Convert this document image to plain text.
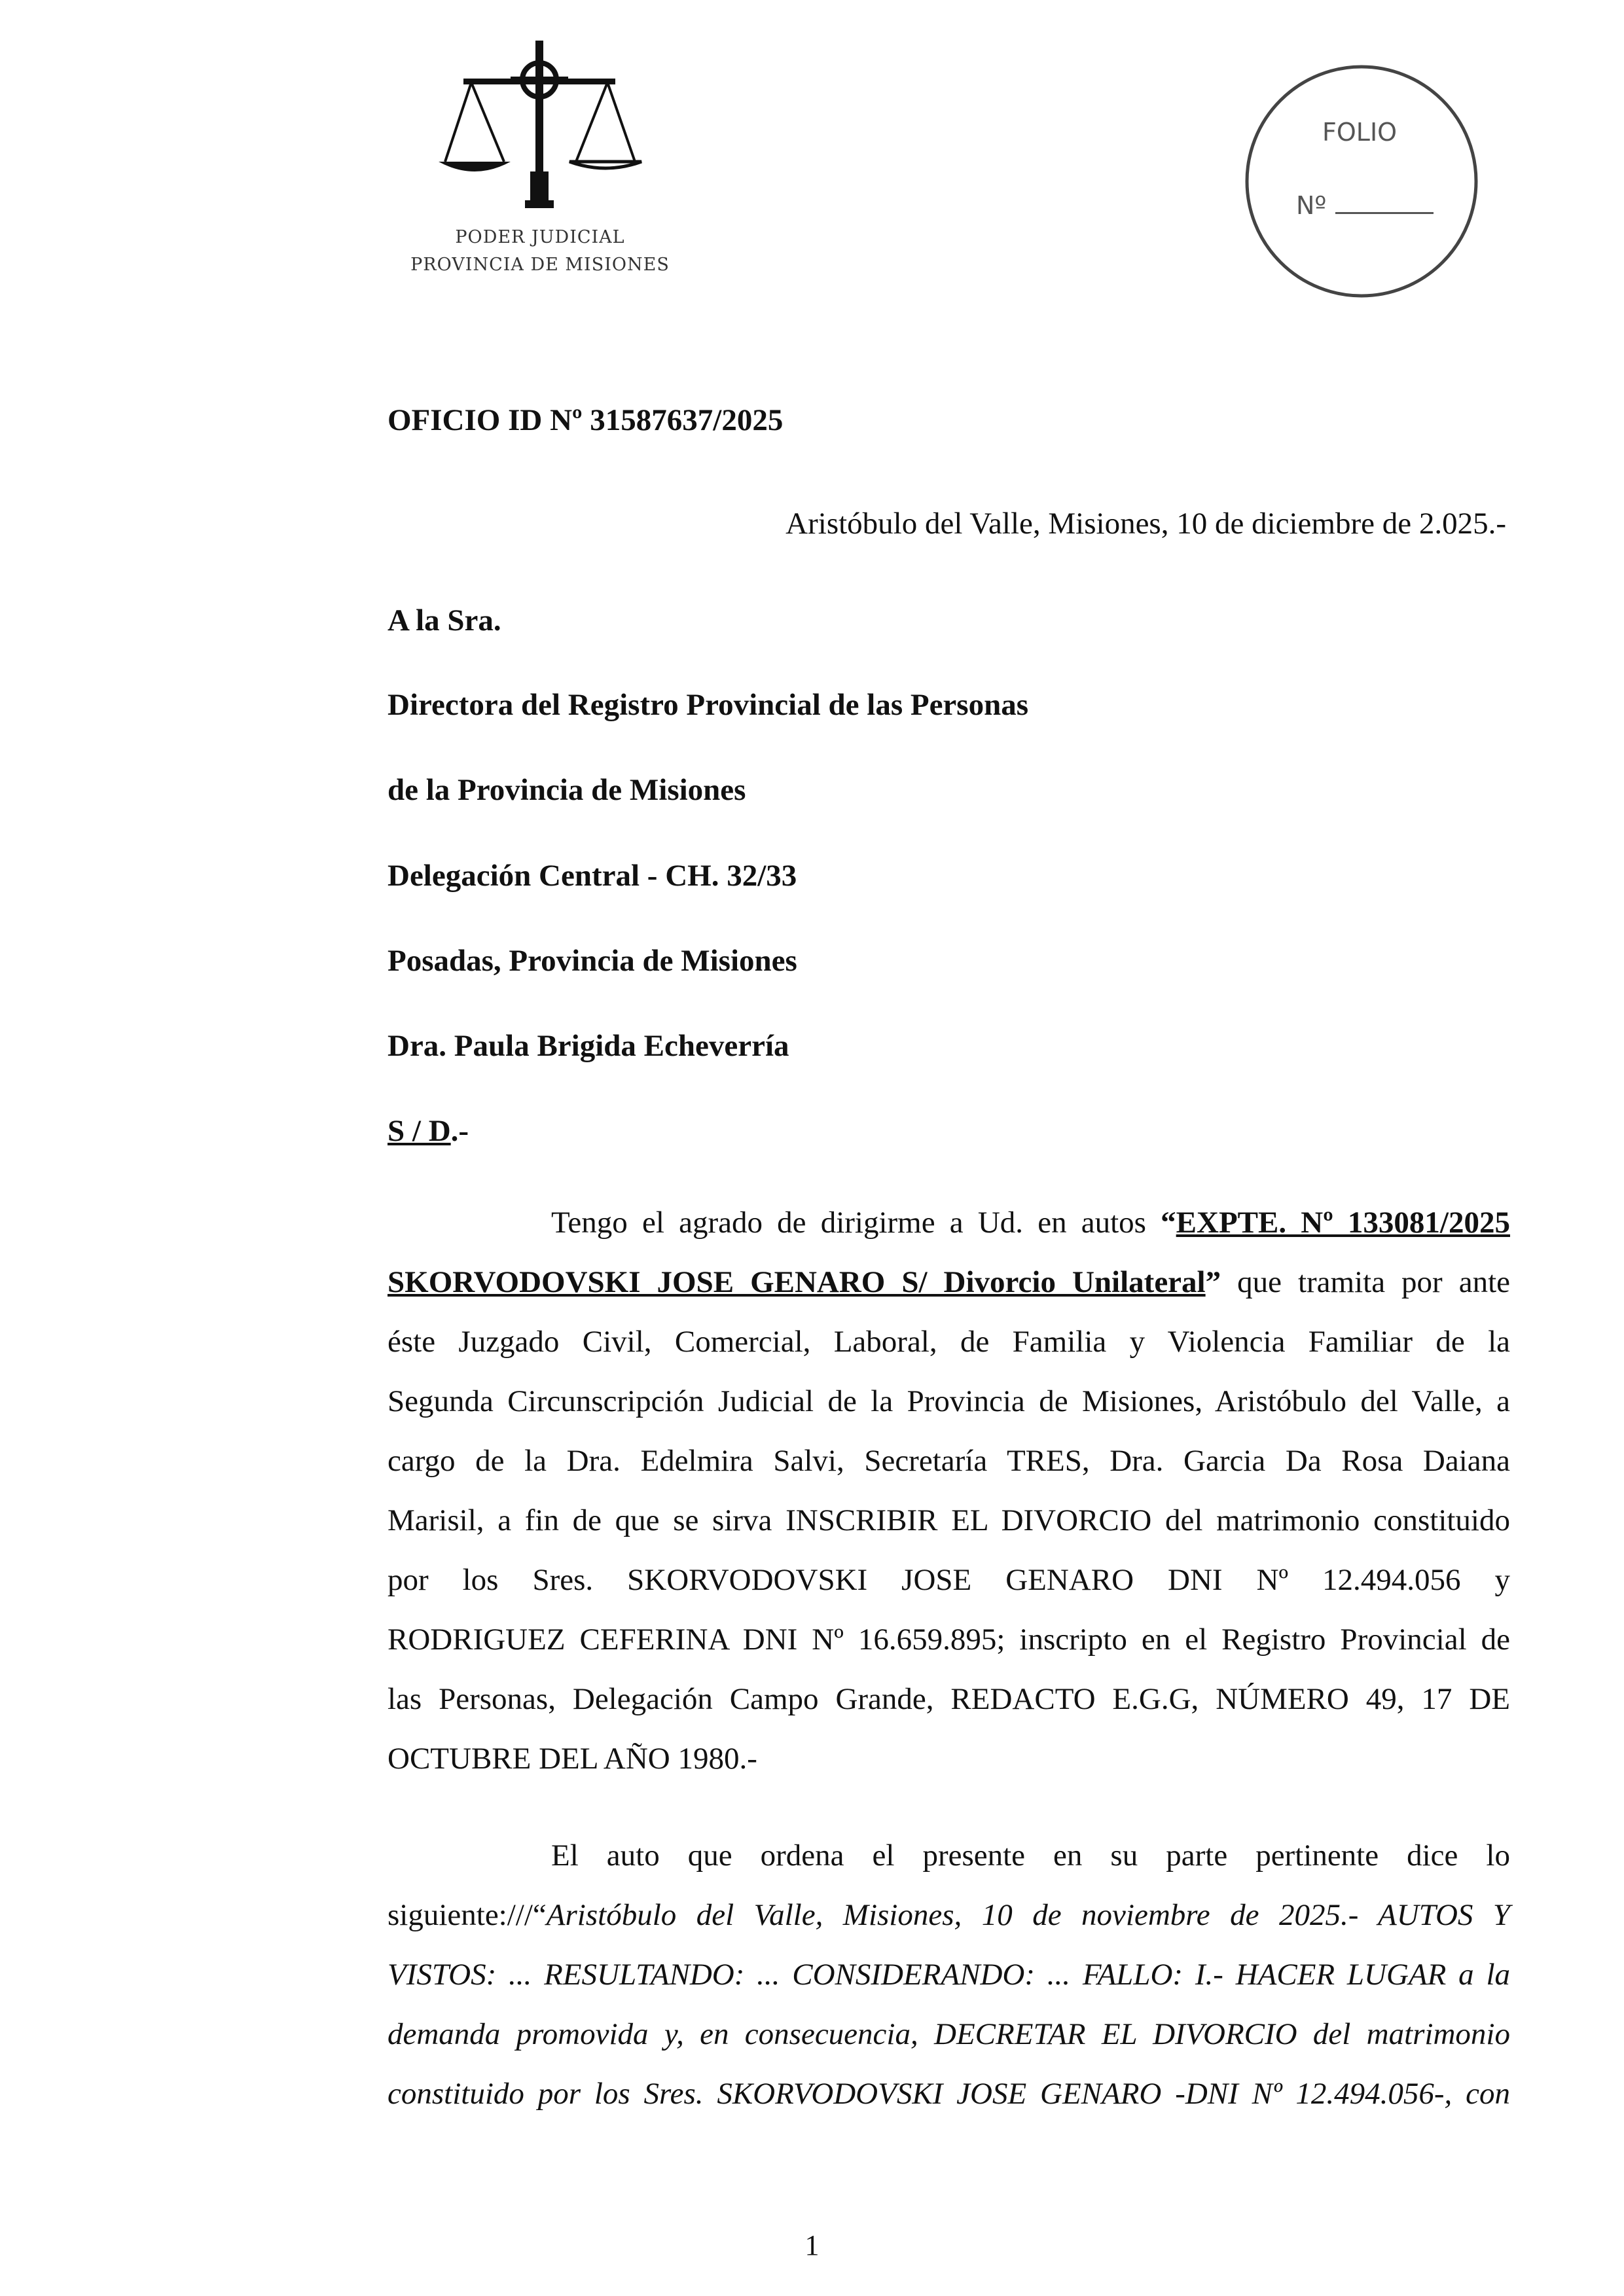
PODER JUDICIAL
PROVINCIA DE MISIONES
FOLIO
Nº
OFICIO ID Nº 31587637/2025
Aristóbulo del Valle, Misiones, 10 de diciembre de 2.025.-
A la Sra.
Directora del Registro Provincial de las Personas
de la Provincia de Misiones
Delegación Central - CH. 32/33
Posadas, Provincia de Misiones
Dra. Paula Brigida Echeverría
S / D.-
Tengo el agrado de dirigirme a Ud. en autos “EXPTE. Nº 133081/2025
SKORVODOVSKI JOSE GENARO S/ Divorcio Unilateral” que tramita por ante
éste Juzgado Civil, Comercial, Laboral, de Familia y Violencia Familiar de la
Segunda Circunscripción Judicial de la Provincia de Misiones, Aristóbulo del Valle, a
cargo de la Dra. Edelmira Salvi, Secretaría TRES, Dra. Garcia Da Rosa Daiana
Marisil, a fin de que se sirva INSCRIBIR EL DIVORCIO del matrimonio constituido
por los Sres. SKORVODOVSKI JOSE GENARO DNI Nº 12.494.056 y
RODRIGUEZ CEFERINA DNI Nº 16.659.895; inscripto en el Registro Provincial de
las Personas, Delegación Campo Grande, REDACTO E.G.G, NÚMERO 49, 17 DE
OCTUBRE DEL AÑO 1980.-
El auto que ordena el presente en su parte pertinente dice lo
siguiente:///“Aristóbulo del Valle, Misiones, 10 de noviembre de 2025.- AUTOS Y
VISTOS: ... RESULTANDO: ... CONSIDERANDO: ... FALLO: I.- HACER LUGAR a la
demanda promovida y, en consecuencia, DECRETAR EL DIVORCIO del matrimonio
constituido por los Sres. SKORVODOVSKI JOSE GENARO -DNI Nº 12.494.056-, con
1
